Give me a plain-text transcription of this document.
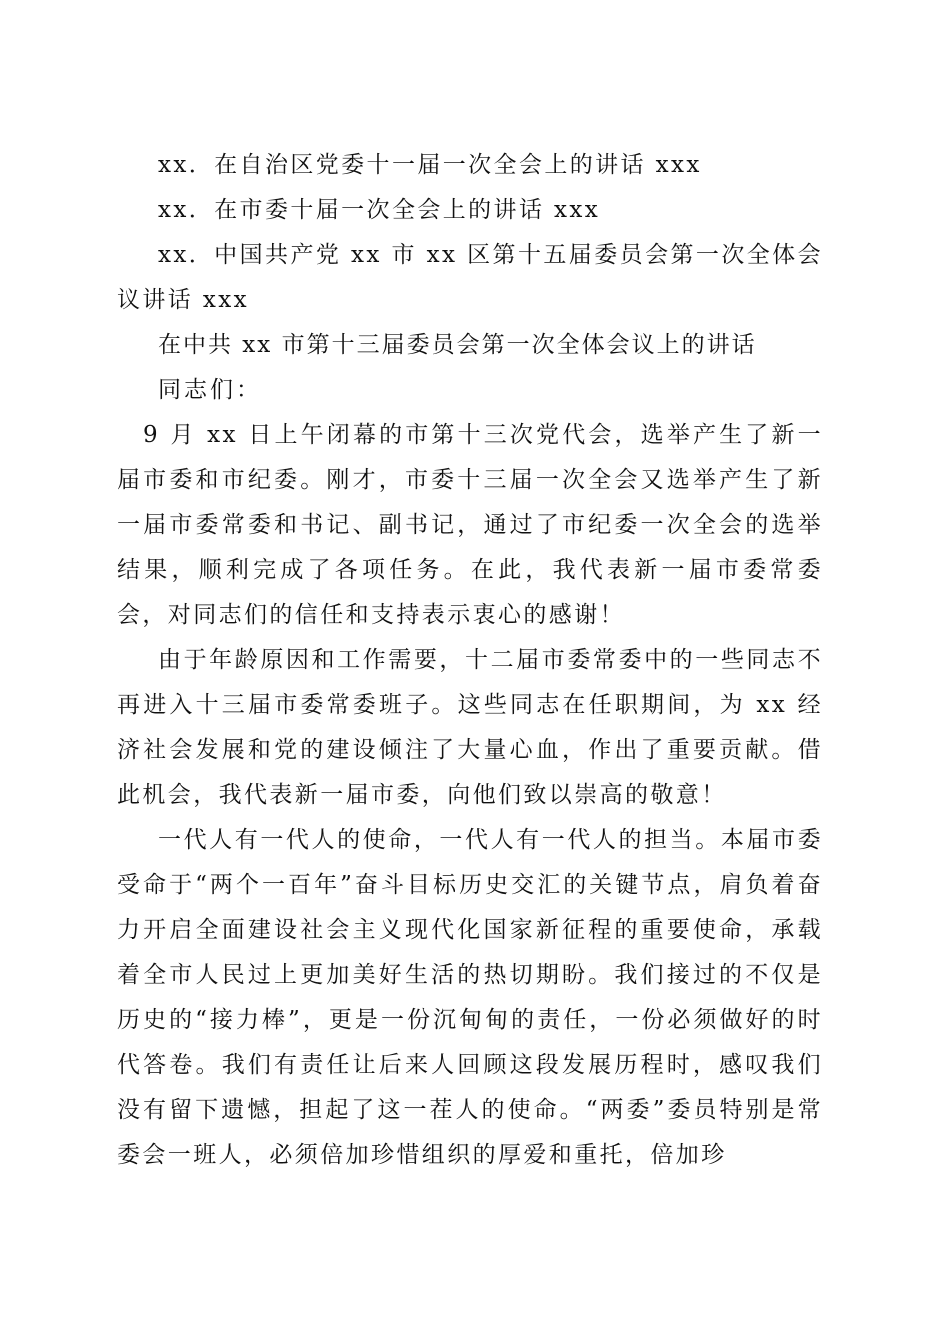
xx．在自治区党委十一届一次全会上的讲话 xxx

xx．在市委十届一次全会上的讲话 xxx

xx．中国共产党 xx 市 xx 区第十五届委员会第一次全体会议讲话 xxx

在中共 xx 市第十三届委员会第一次全体会议上的讲话

同志们：

9 月 xx 日上午闭幕的市第十三次党代会，选举产生了新一届市委和市纪委。刚才，市委十三届一次全会又选举产生了新一届市委常委和书记、副书记，通过了市纪委一次全会的选举结果，顺利完成了各项任务。在此，我代表新一届市委常委会，对同志们的信任和支持表示衷心的感谢！

由于年龄原因和工作需要，十二届市委常委中的一些同志不再进入十三届市委常委班子。这些同志在任职期间，为 xx 经济社会发展和党的建设倾注了大量心血，作出了重要贡献。借此机会，我代表新一届市委，向他们致以崇高的敬意！

一代人有一代人的使命，一代人有一代人的担当。本届市委受命于“两个一百年”奋斗目标历史交汇的关键节点，肩负着奋力开启全面建设社会主义现代化国家新征程的重要使命，承载着全市人民过上更加美好生活的热切期盼。我们接过的不仅是历史的“接力棒”，更是一份沉甸甸的责任，一份必须做好的时代答卷。我们有责任让后来人回顾这段发展历程时，感叹我们没有留下遗憾，担起了这一茬人的使命。“两委”委员特别是常委会一班人，必须倍加珍惜组织的厚爱和重托，倍加珍
